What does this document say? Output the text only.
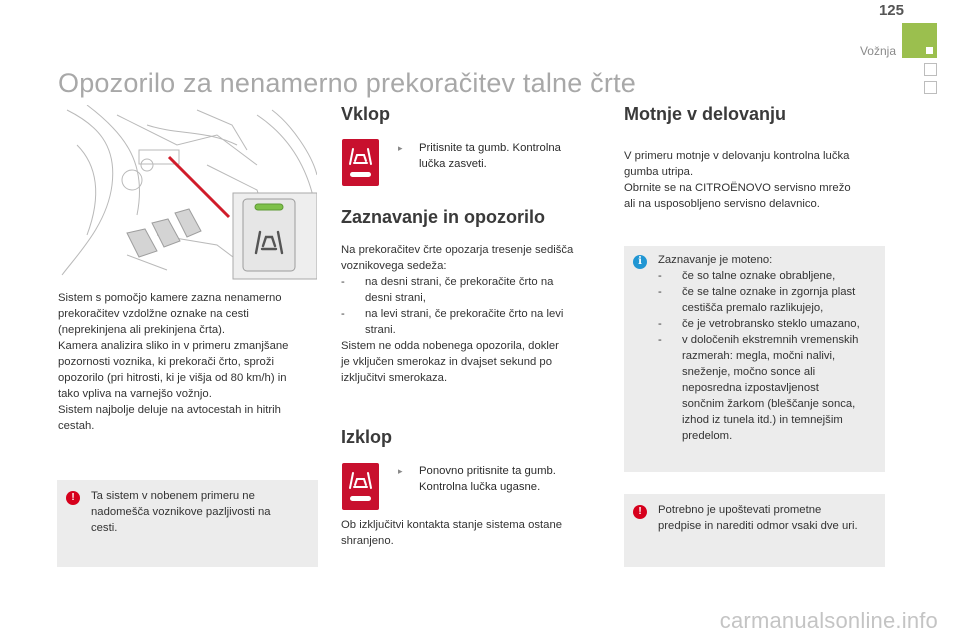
125
Vožnja
Opozorilo za nenamerno prekoračitev talne črte

Sistem s pomočjo kamere zazna nenamerno

prekoračitev vzdolžne oznake na cesti

(neprekinjena ali prekinjena črta).

Kamera analizira sliko in v primeru zmanjšane

pozornosti voznika, ki prekorači črto, sproži

opozorilo (pri hitrosti, ki je višja od 80 km/h) in

tako vpliva na varnejšo vožnjo.

Sistem najbolje deluje na avtocestah in hitrih

cestah.

!	Ta sistem v nobenem primeru ne

nadomešča voznikove pazljivosti na

cesti.

Vklop
▸	Pritisnite ta gumb. Kontrolna
lučka zasveti.
Zaznavanje in opozorilo

Na prekoračitev črte opozarja tresenje sedišča

voznikovega sedeža:

-	na desni strani, če prekoračite črto na
desni strani,
-	na levi strani, če prekoračite črto na levi
strani.

Sistem ne odda nobenega opozorila, dokler

je vključen smerokaz in dvajset sekund po

izključitvi smerokaza.

Izklop
▸	Ponovno pritisnite ta gumb.
Kontrolna lučka ugasne.

Ob izključitvi kontakta stanje sistema ostane

shranjeno.

Motnje v delovanju

V primeru motnje v delovanju kontrolna lučka

gumba utripa.

Obrnite se na CITROËNOVO servisno mrežo

ali na usposobljeno servisno delavnico.

i	Zaznavanje je moteno:

-	če so talne oznake obrabljene,
-	če se talne oznake in zgornja plast
cestišča premalo razlikujejo,
-	če je vetrobransko steklo umazano,
-	v določenih ekstremnih vremenskih
razmerah: megla, močni nalivi,
sneženje, močno sonce ali
neposredna izpostavljenost
sončnim žarkom (bleščanje sonca,
izhod iz tunela itd.) in temnejšim
predelom.
!	Potrebno je upoštevati prometne

predpise in narediti odmor vsaki dve uri.

carmanualsonline.info
